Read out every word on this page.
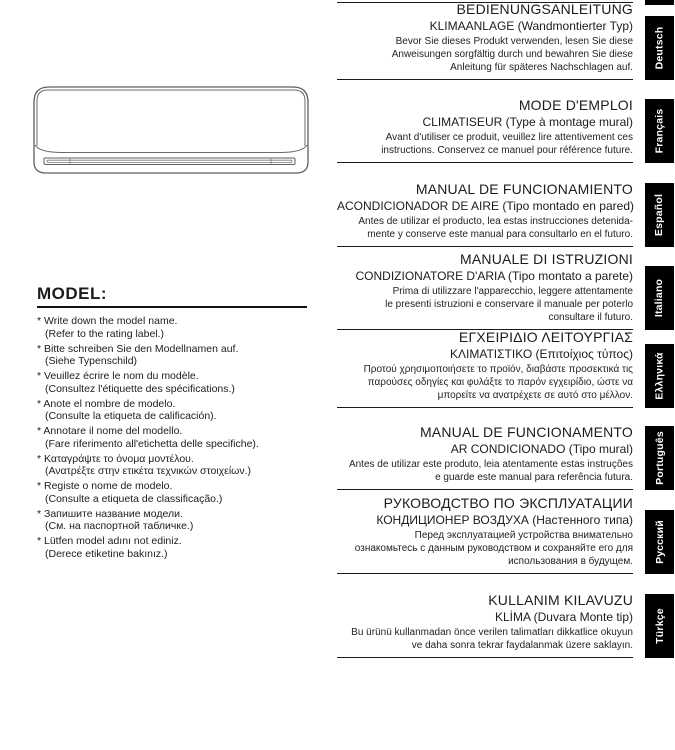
MODEL:
* Write down the model name.
(Refer to the rating label.)
* Bitte schreiben Sie den Modellnamen auf.
(Siehe Typenschild)
* Veuillez écrire le nom du modèle.
(Consultez l'étiquette des spécifications.)
* Anote el nombre de modelo.
(Consulte la etiqueta de calificación).
* Annotare il nome del modello.
(Fare riferimento all'etichetta delle specifiche).
* Καταγράψτε το όνομα μοντέλου.
(Ανατρέξτε στην ετικέτα τεχνικών στοιχείων.)
* Registe o nome de modelo.
(Consulte a etiqueta de classificação.)
* Запишите название модели.
(См. на паспортной табличке.)
* Lütfen model adını not ediniz.
(Derece etiketine bakınız.)
BEDIENUNGSANLEITUNG
KLIMAANLAGE (Wandmontierter Typ)
Bevor Sie dieses Produkt verwenden, lesen Sie diese
Anweisungen sorgfältig durch und bewahren Sie diese
Anleitung für späteres Nachschlagen auf.
MODE D'EMPLOI
CLIMATISEUR (Type à montage mural)
Avant d'utiliser ce produit, veuillez lire attentivement ces
instructions. Conservez ce manuel pour référence future.
MANUAL DE FUNCIONAMIENTO
ACONDICIONADOR DE AIRE (Tipo montado en pared)
Antes de utilizar el producto, lea estas instrucciones detenida-
mente y conserve este manual para consultarlo en el futuro.
MANUALE DI ISTRUZIONI
CONDIZIONATORE D'ARIA (Tipo montato a parete)
Prima di utilizzare l'apparecchio, leggere attentamente
le presenti istruzioni e conservare il manuale per poterlo
consultare il futuro.
ΕΓΧΕΙΡΙΔΙΟ ΛΕΙΤΟΥΡΓΙΑΣ
ΚΛΙΜΑΤΙΣΤΙΚΟ (Επιτοίχιος τύπος)
Προτού χρησιμοποιήσετε το προϊόν, διαβάστε προσεκτικά τις
παρούσες οδηγίες και φυλάξτε το παρόν εγχειρίδιο, ώστε να
μπορείτε να ανατρέχετε σε αυτό στο μέλλον.
MANUAL DE FUNCIONAMENTO
AR CONDICIONADO (Tipo mural)
Antes de utilizar este produto, leia atentamente estas instruções
e guarde este manual para referência futura.
РУКОВОДСТВО ПО ЭКСПЛУАТАЦИИ
КОНДИЦИОНЕР ВОЗДУХА (Настенного типа)
Перед эксплуатацией устройства внимательно
ознакомьтесь с данным руководством и сохраняйте его для
использования в будущем.
KULLANIM KILAVUZU
KLİMA (Duvara Monte tip)
Bu ürünü kullanmadan önce verilen talimatları dikkatlice okuyun
ve daha sonra tekrar faydalanmak üzere saklayın.
Deutsch
Français
Español
Italiano
Ελληνικά
Português
Русский
Türkçe
